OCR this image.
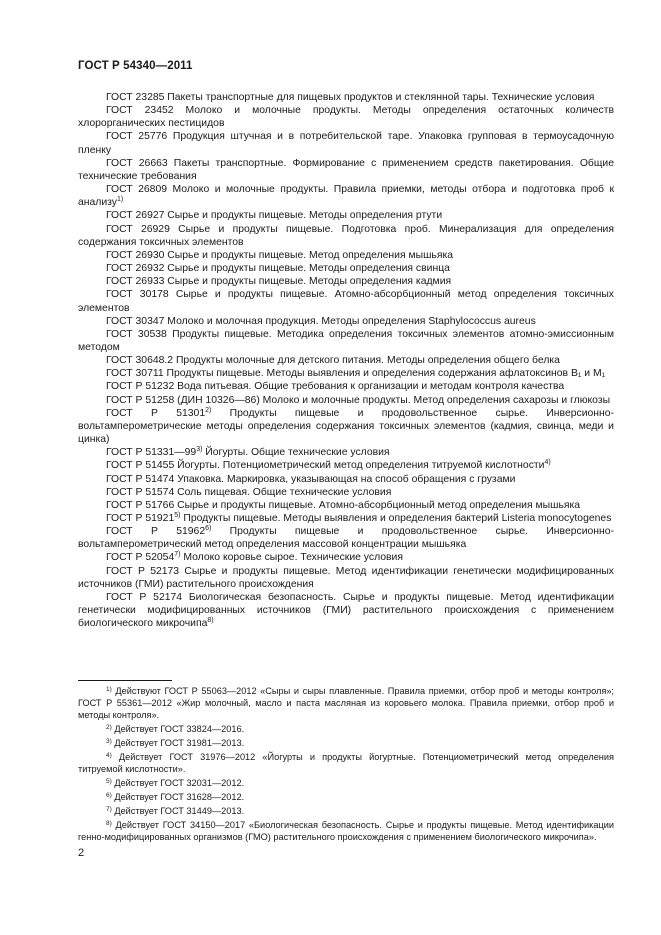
ГОСТ Р 54340—2011

ГОСТ 23285 Пакеты транспортные для пищевых продуктов и стеклянной тары. Технические условия

ГОСТ 23452 Молоко и молочные продукты. Методы определения остаточных количеств хлорорганических пестицидов

ГОСТ 25776 Продукция штучная и в потребительской таре. Упаковка групповая в термоусадочную пленку

ГОСТ 26663 Пакеты транспортные. Формирование с применением средств пакетирования. Общие технические требования

ГОСТ 26809 Молоко и молочные продукты. Правила приемки, методы отбора и подготовка проб к анализу$^{1)}$

ГОСТ 26927 Сырье и продукты пищевые. Методы определения ртути

ГОСТ 26929 Сырье и продукты пищевые. Подготовка проб. Минерализация для определения содержания токсичных элементов

ГОСТ 26930 Сырье и продукты пищевые. Метод определения мышьяка

ГОСТ 26932 Сырье и продукты пищевые. Методы определения свинца

ГОСТ 26933 Сырье и продукты пищевые. Методы определения кадмия

ГОСТ 30178 Сырье и продукты пищевые. Атомно-абсорбционный метод определения токсичных элементов

ГОСТ 30347 Молоко и молочная продукция. Методы определения Staphylococcus aureus

ГОСТ 30538 Продукты пищевые. Методика определения токсичных элементов атомно-эмиссионным методом

ГОСТ 30648.2 Продукты молочные для детского питания. Методы определения общего белка

ГОСТ 30711 Продукты пищевые. Методы выявления и определения содержания афлатоксинов B₁ и M₁

ГОСТ Р 51232 Вода питьевая. Общие требования к организации и методам контроля качества

ГОСТ Р 51258 (ДИН 10326—86) Молоко и молочные продукты. Метод определения сахарозы и глюкозы

ГОСТ Р 51301$^{2)}$ Продукты пищевые и продовольственное сырье. Инверсионно-вольтамперометрические методы определения содержания токсичных элементов (кадмия, свинца, меди и цинка)

ГОСТ Р 51331—99$^{3)}$ Йогурты. Общие технические условия

ГОСТ Р 51455 Йогурты. Потенциометрический метод определения титруемой кислотности$^{4)}$

ГОСТ Р 51474 Упаковка. Маркировка, указывающая на способ обращения с грузами

ГОСТ Р 51574 Соль пищевая. Общие технические условия

ГОСТ Р 51766 Сырье и продукты пищевые. Атомно-абсорбционный метод определения мышьяка

ГОСТ Р 51921$^{5)}$ Продукты пищевые. Методы выявления и определения бактерий Listeria monocytogenes

ГОСТ Р 51962$^{6)}$ Продукты пищевые и продовольственное сырье. Инверсионно-вольтамперометрический метод определения массовой концентрации мышьяка

ГОСТ Р 52054$^{7)}$ Молоко коровье сырое. Технические условия

ГОСТ Р 52173 Сырье и продукты пищевые. Метод идентификации генетически модифицированных источников (ГМИ) растительного происхождения

ГОСТ Р 52174 Биологическая безопасность. Сырье и продукты пищевые. Метод идентификации генетически модифицированных источников (ГМИ) растительного происхождения с применением биологического микрочипа$^{8)}$

$^{1)}$ Действуют ГОСТ Р 55063—2012 «Сыры и сыры плавленные. Правила приемки, отбор проб и методы контроля»; ГОСТ Р 55361—2012 «Жир молочный, масло и паста масляная из коровьего молока. Правила приемки, отбор проб и методы контроля».

$^{2)}$ Действует ГОСТ 33824—2016.

$^{3)}$ Действует ГОСТ 31981—2013.

$^{4)}$ Действует ГОСТ 31976—2012 «Йогурты и продукты йогуртные. Потенциометрический метод определения титруемой кислотности».

$^{5)}$ Действует ГОСТ 32031—2012.

$^{6)}$ Действует ГОСТ 31628—2012.

$^{7)}$ Действует ГОСТ 31449—2013.

$^{8)}$ Действует ГОСТ 34150—2017 «Биологическая безопасность. Сырье и продукты пищевые. Метод идентификации генно-модифицированных организмов (ГМО) растительного происхождения с применением биологического микрочипа».

2
